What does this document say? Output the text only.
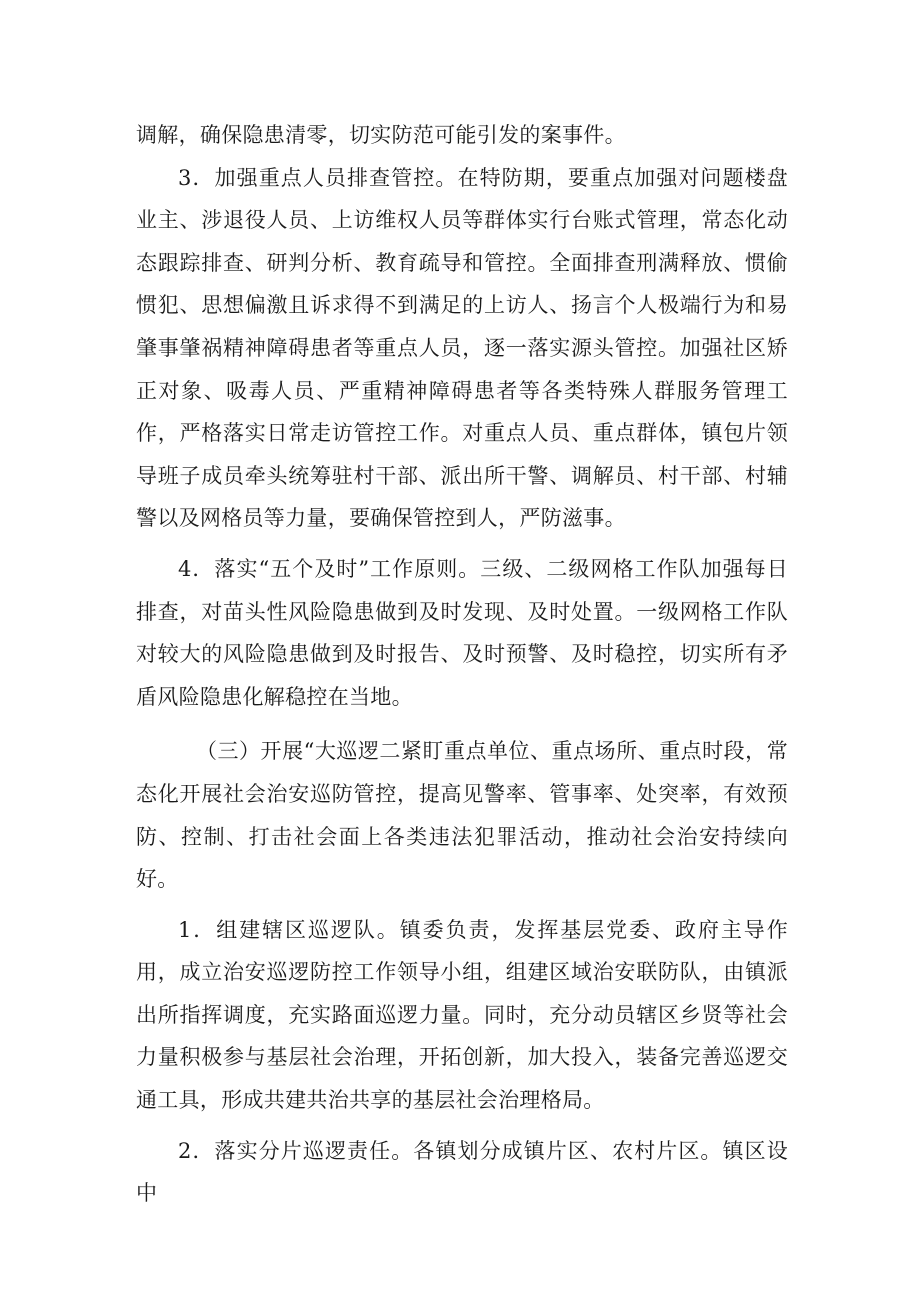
调解，确保隐患清零，切实防范可能引发的案事件。

3．加强重点人员排查管控。在特防期，要重点加强对问题楼盘业主、涉退役人员、上访维权人员等群体实行台账式管理，常态化动态跟踪排查、研判分析、教育疏导和管控。全面排查刑满释放、惯偷惯犯、思想偏激且诉求得不到满足的上访人、扬言个人极端行为和易肇事肇祸精神障碍患者等重点人员，逐一落实源头管控。加强社区矫正对象、吸毒人员、严重精神障碍患者等各类特殊人群服务管理工作，严格落实日常走访管控工作。对重点人员、重点群体，镇包片领导班子成员牵头统筹驻村干部、派出所干警、调解员、村干部、村辅警以及网格员等力量，要确保管控到人，严防滋事。

4．落实“五个及时”工作原则。三级、二级网格工作队加强每日排查，对苗头性风险隐患做到及时发现、及时处置。一级网格工作队对较大的风险隐患做到及时报告、及时预警、及时稳控，切实所有矛盾风险隐患化解稳控在当地。

（三）开展“大巡逻二紧盯重点单位、重点场所、重点时段，常态化开展社会治安巡防管控，提高见警率、管事率、处突率，有效预防、控制、打击社会面上各类违法犯罪活动，推动社会治安持续向好。

1．组建辖区巡逻队。镇委负责，发挥基层党委、政府主导作用，成立治安巡逻防控工作领导小组，组建区域治安联防队，由镇派出所指挥调度，充实路面巡逻力量。同时，充分动员辖区乡贤等社会力量积极参与基层社会治理，开拓创新，加大投入，装备完善巡逻交通工具，形成共建共治共享的基层社会治理格局。

2．落实分片巡逻责任。各镇划分成镇片区、农村片区。镇区设中
